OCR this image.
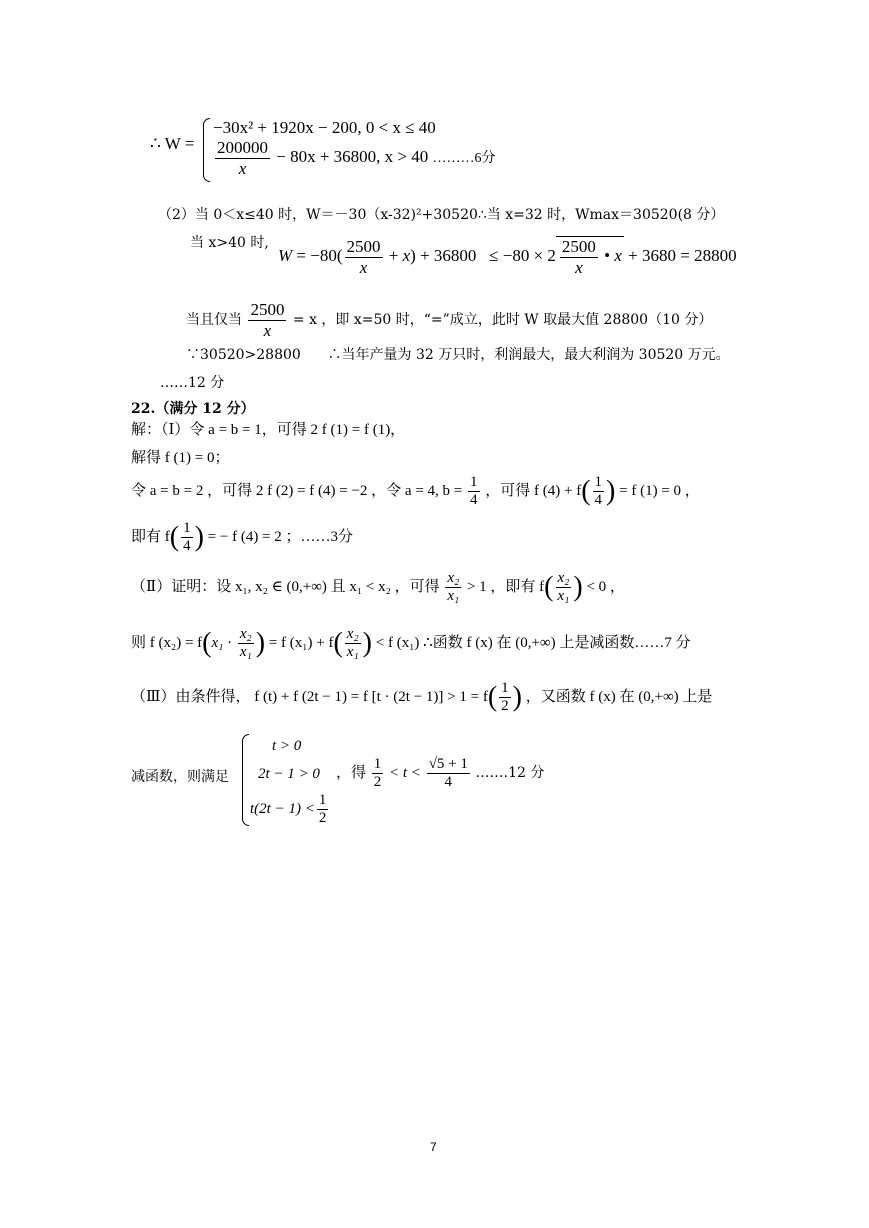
∴ W =
−30x² + 1920x − 200, 0 < x ≤ 40
$\frac{200000}{x} - 80x + 36800$, x > 40 ………6分
（2）当 0＜x≤40 时，W＝－30（x-32)²+30520∴当 x=32 时，Wmax＝30520(8 分）
当 x>40 时,
$W = -80( \frac{2500}{x} + x) + 36800 \le -80 \times 2 \frac{2500}{x}$ • x + 3680 = 28800
当且仅当 $\frac{2500}{x} = x$ ，即 x=50 时，“=”成立，此时 W 取最大值 28800（10 分）
∵30520>28800 ∴当年产量为 32 万只时，利润最大，最大利润为 30520 万元。
……12 分
22.（满分 12 分）
解：（Ⅰ）令 a = b = 1，可得 2 f (1) = f (1)，
解得 f (1) = 0；
令 a = b = 2 ，可得 2 f (2) = f (4) = −2 ，令 a = 4, $b = \frac{1}{4}$ ，可得 f $(4) + f( \frac{1}{4}$ ) = f (1) = 0 ，
即有 $f( \frac{1}{4}$ ) = − f (4) = 2 ；……3分
（Ⅱ）证明：设 x₁, x₂ ∈ (0,+∞) 且 x₁ < x₂ ，可得 $\frac{\text{x₂}}{\text{x₁}} > 1$ ，即有 $f( \frac{\text{x₂}}{\text{x₁}}$ ) < 0 ，
则 f $(x_2) = f(x_1 \cdot \frac{\text{x₂}}{\text{x₁}}$ ) = f $(x_1) + f( \frac{\text{x₂}}{\text{x₁}}$ ) < f (x₁) ∴函数 f (x) 在 (0,+∞) 上是减函数……7 分
（Ⅲ）由条件得， f (t) + f (2t − 1) = f $[t \cdot (2t - 1)] > 1 = f( \frac{1}{2}$ ) ，又函数 f (x) 在 (0,+∞) 上是
减函数，则满足
t > 0
2t − 1 > 0
$t(2t - 1) < \frac{1}{2}$
，得 $\frac{1}{2} < t < \frac{√5 + 1}{4}$ .……12 分
7
